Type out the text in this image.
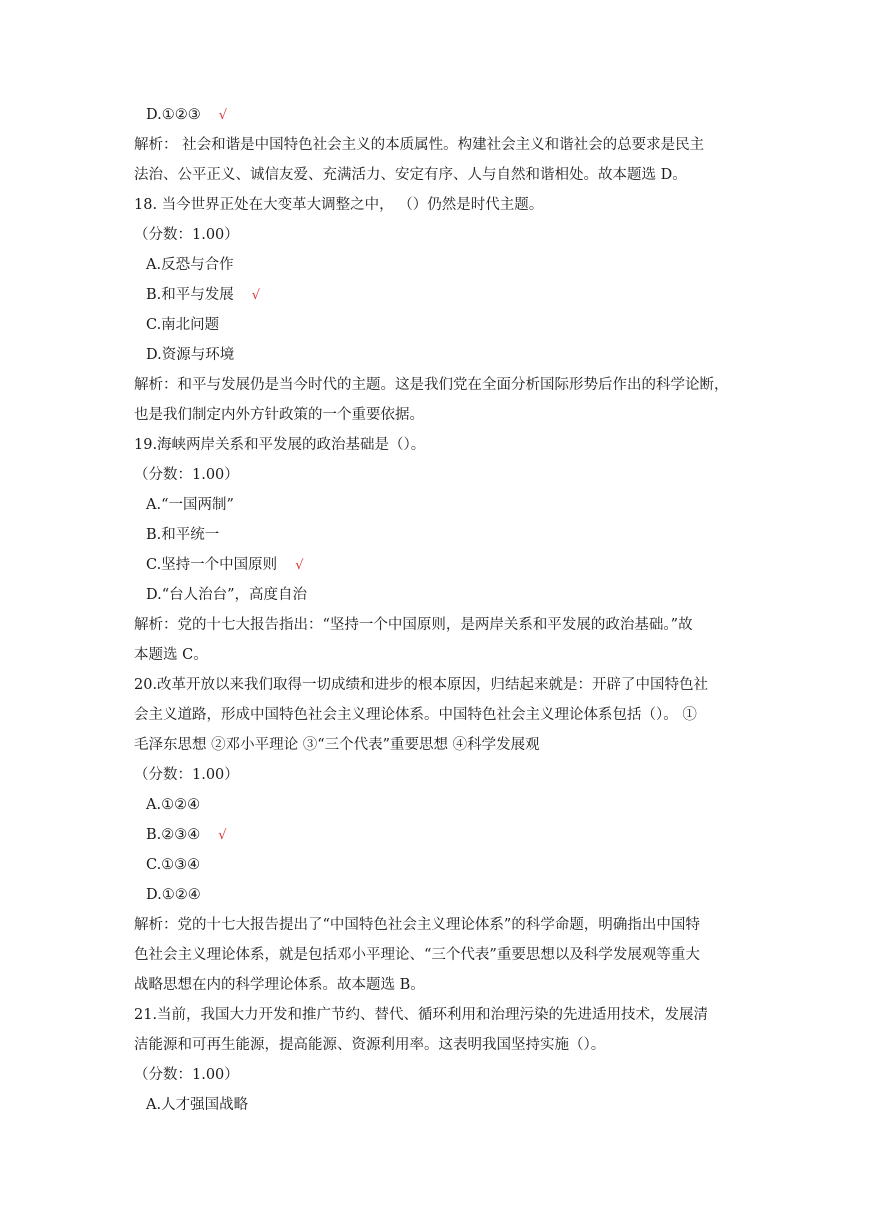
D.①②③ √
解析： 社会和谐是中国特色社会主义的本质属性。构建社会主义和谐社会的总要求是民主
法治、公平正义、诚信友爱、充满活力、安定有序、人与自然和谐相处。故本题选 D。
18. 当今世界正处在大变革大调整之中， （）仍然是时代主题。
（分数：1.00）
A.反恐与合作
B.和平与发展 √
C.南北问题
D.资源与环境
解析：和平与发展仍是当今时代的主题。这是我们党在全面分析国际形势后作出的科学论断，
也是我们制定内外方针政策的一个重要依据。
19.海峡两岸关系和平发展的政治基础是（）。
（分数：1.00）
A.“一国两制”
B.和平统一
C.坚持一个中国原则 √
D.“台人治台”，高度自治
解析：党的十七大报告指出：“坚持一个中国原则，是两岸关系和平发展的政治基础。”故
本题选 C。
20.改革开放以来我们取得一切成绩和进步的根本原因，归结起来就是：开辟了中国特色社
会主义道路，形成中国特色社会主义理论体系。中国特色社会主义理论体系包括（）。 ①
毛泽东思想 ②邓小平理论 ③“三个代表”重要思想 ④科学发展观
（分数：1.00）
A.①②④
B.②③④ √
C.①③④
D.①②④
解析：党的十七大报告提出了“中国特色社会主义理论体系”的科学命题，明确指出中国特
色社会主义理论体系，就是包括邓小平理论、“三个代表”重要思想以及科学发展观等重大
战略思想在内的科学理论体系。故本题选 B。
21.当前，我国大力开发和推广节约、替代、循环利用和治理污染的先进适用技术，发展清
洁能源和可再生能源，提高能源、资源利用率。这表明我国坚持实施（）。
（分数：1.00）
A.人才强国战略
